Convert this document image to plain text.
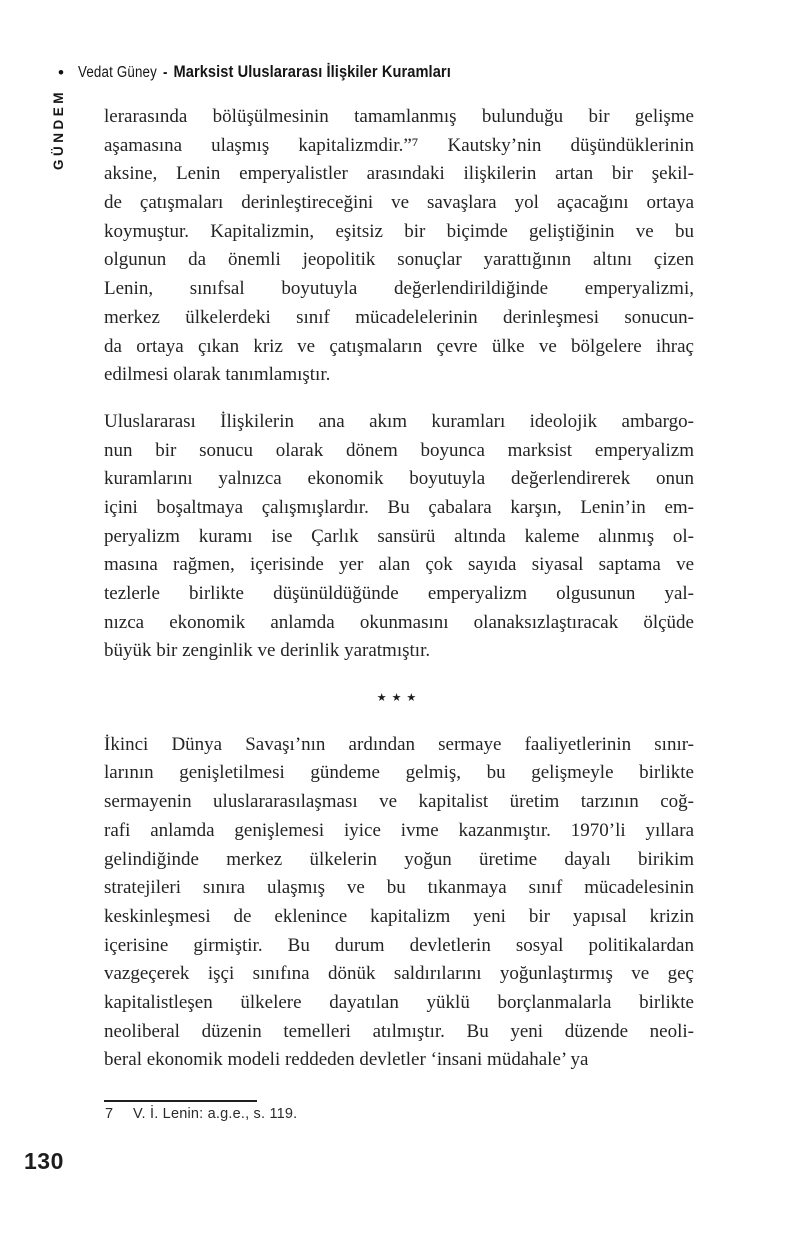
• Vedat Güney - Marksist Uluslararası İlişkiler Kuramları
GÜNDEM	lerarasında bölüşülmesinin tamamlanmış bulunduğu bir gelişme
aşamasına ulaşmış kapitalizmdir.”⁷ Kautsky’nin düşündüklerinin
aksine, Lenin emperyalistler arasındaki ilişkilerin artan bir şekil-
de çatışmaları derinleştireceğini ve savaşlara yol açacağını ortaya
koymuştur. Kapitalizmin, eşitsiz bir biçimde geliştiğinin ve bu
olgunun da önemli jeopolitik sonuçlar yarattığının altını çizen
Lenin, sınıfsal boyutuyla değerlendirildiğinde emperyalizmi,
merkez ülkelerdeki sınıf mücadelelerinin derinleşmesi sonucun-
da ortaya çıkan kriz ve çatışmaların çevre ülke ve bölgelere ihraç
edilmesi olarak tanımlamıştır.
Uluslararası İlişkilerin ana akım kuramları ideolojik ambargo-
nun bir sonucu olarak dönem boyunca marksist emperyalizm
kuramlarını yalnızca ekonomik boyutuyla değerlendirerek onun
içini boşaltmaya çalışmışlardır. Bu çabalara karşın, Lenin’in em-
peryalizm kuramı ise Çarlık sansürü altında kaleme alınmış ol-
masına rağmen, içerisinde yer alan çok sayıda siyasal saptama ve
tezlerle birlikte düşünüldüğünde emperyalizm olgusunun yal-
nızca ekonomik anlamda okunmasını olanaksızlaştıracak ölçüde
büyük bir zenginlik ve derinlik yaratmıştır.
★★★
İkinci Dünya Savaşı’nın ardından sermaye faaliyetlerinin sınır-
larının genişletilmesi gündeme gelmiş, bu gelişmeyle birlikte
sermayenin uluslararasılaşması ve kapitalist üretim tarzının coğ-
rafi anlamda genişlemesi iyice ivme kazanmıştır. 1970’li yıllara
gelindiğinde merkez ülkelerin yoğun üretime dayalı birikim
stratejileri sınıra ulaşmış ve bu tıkanmaya sınıf mücadelesinin
keskinleşmesi de eklenince kapitalizm yeni bir yapısal krizin
içerisine girmiştir. Bu durum devletlerin sosyal politikalardan
vazgeçerek işçi sınıfına dönük saldırılarını yoğunlaştırmış ve geç
kapitalistleşen ülkelere dayatılan yüklü borçlanmalarla birlikte
neoliberal düzenin temelleri atılmıştır. Bu yeni düzende neoli-
beral ekonomik modeli reddeden devletler ‘insani müdahale’ ya
7	V. İ. Lenin: a.g.e., s. 119.
130
